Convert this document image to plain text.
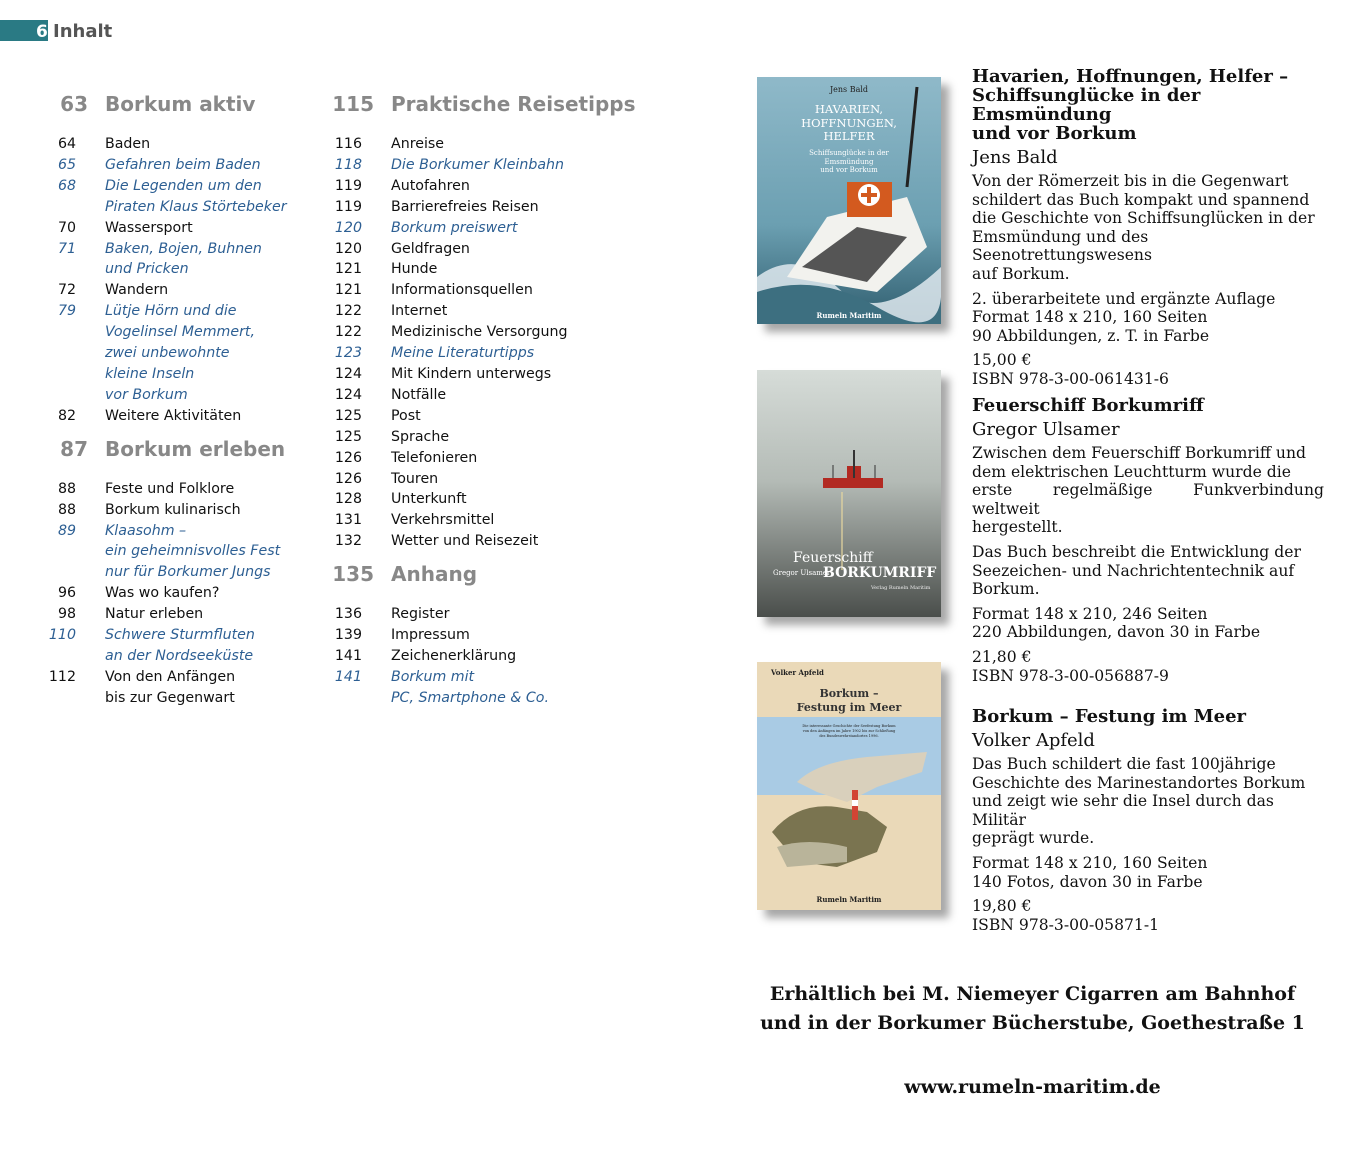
6 Inhalt
63 Borkum aktiv
64 Baden
65 Gefahren beim Baden
68 Die Legenden um den
Piraten Klaus Störtebeker
70 Wassersport
71 Baken, Bojen, Buhnen
und Pricken
72 Wandern
79 Lütje Hörn und die
Vogelinsel Memmert,
zwei unbewohnte
kleine Inseln
vor Borkum
82 Weitere Aktivitäten
87 Borkum erleben
88 Feste und Folklore
88 Borkum kulinarisch
89 Klaasohm –
ein geheimnisvolles Fest
nur für Borkumer Jungs
96 Was wo kaufen?
98 Natur erleben
110 Schwere Sturmfluten
an der Nordseeküste
112 Von den Anfängen
bis zur Gegenwart
115 Praktische Reisetipps
116 Anreise
118 Die Borkumer Kleinbahn
119 Autofahren
119 Barrierefreies Reisen
120 Borkum preiswert
120 Geldfragen
121 Hunde
121 Informationsquellen
122 Internet
122 Medizinische Versorgung
123 Meine Literaturtipps
124 Mit Kindern unterwegs
124 Notfälle
125 Post
125 Sprache
126 Telefonieren
126 Touren
128 Unterkunft
131 Verkehrsmittel
132 Wetter und Reisezeit
135 Anhang
136 Register
139 Impressum
141 Zeichenerklärung
141 Borkum mit
PC, Smartphone & Co.
Jens Bald
HAVARIEN,
HOFFNUNGEN,
HELFER
Schiffsunglücke in der
Emsmündung
und vor Borkum
Rumeln Maritim
Havarien, Hoffnungen, Helfer –
Schiffsunglücke in der Emsmündung
und vor Borkum
Jens Bald
Von der Römerzeit bis in die Gegenwart
schildert das Buch kompakt und spannend
die Geschichte von Schiffsunglücken in der
Emsmündung und des Seenotrettungswesens
auf Borkum.
2. überarbeitete und ergänzte Auflage
Format 148 x 210, 160 Seiten
90 Abbildungen, z. T. in Farbe
15,00 €
ISBN 978-3-00-061431-6
Feuerschiff
Gregor Ulsamer
BORKUMRIFF
Verlag Rumeln Maritim
Feuerschiff Borkumriff
Gregor Ulsamer
Zwischen dem Feuerschiff Borkumriff und
dem elektrischen Leuchtturm wurde die
erste regelmäßige Funkverbindung weltweit
hergestellt.
Das Buch beschreibt die Entwicklung der
Seezeichen- und Nachrichtentechnik auf
Borkum.
Format 148 x 210, 246 Seiten
220 Abbildungen, davon 30 in Farbe
21,80 €
ISBN 978-3-00-056887-9
Volker Apfeld
Borkum –
Festung im Meer
Die interessante Geschichte der Seefestung Borkum
von den Anfängen im Jahre 1902 bis zur Schließung
des Bundeswehrstandortes 1996.
Rumeln Maritim
Borkum – Festung im Meer
Volker Apfeld
Das Buch schildert die fast 100jährige
Geschichte des Marinestandortes Borkum
und zeigt wie sehr die Insel durch das Militär
geprägt wurde.
Format 148 x 210, 160 Seiten
140 Fotos, davon 30 in Farbe
19,80 €
ISBN 978-3-00-05871-1
Erhältlich bei M. Niemeyer Cigarren am Bahnhof
und in der Borkumer Bücherstube, Goethestraße 1
www.rumeln-maritim.de
